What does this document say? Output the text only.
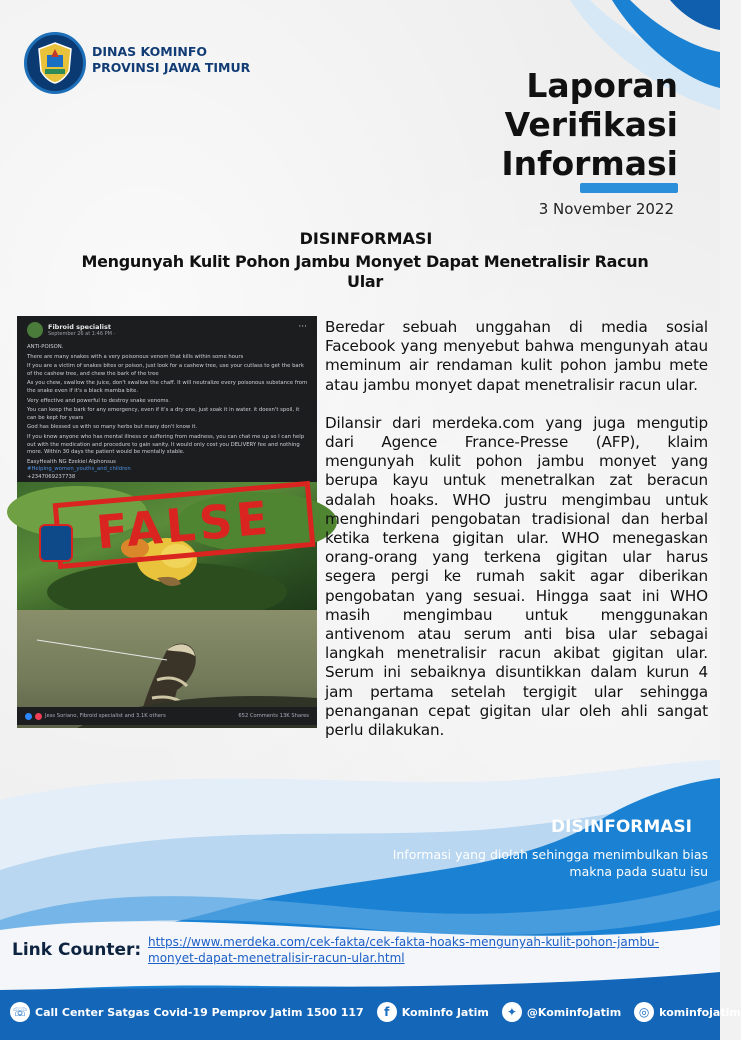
DINAS KOMINFO
PROVINSI JAWA TIMUR	Laporan
Verifikasi
Informasi
3 November 2022
DISINFORMASI
Mengunyah Kulit Pohon Jambu Monyet Dapat Menetralisir Racun
Ular
Fibroid specialist
September 26 at 1:46 PM ·
···

ANTI-POISON.

There are many snakes with a very poisonous venom that kills within some hours

If you are a victim of snakes bites or poison, just look for a cashew tree, use your cutlass to get the bark of the cashew tree, and chew the bark of the tree

As you chew, swallow the juice, don't swallow the chaff. It will neutralize every poisonous substance from the snake even if it's a black mamba bite.

Very effective and powerful to destroy snake venoms.

You can keep the bark for any emergency, even if it's a dry one, just soak it in water. it doesn't spoil, it can be kept for years

God has blessed us with so many herbs but many don't know it.

If you know anyone who has mental illness or suffering from madness, you can chat me up so I can help out with the medication and procedure to gain sanity. It would only cost you DELIVERY fee and nothing more. Within 30 days the patient would be mentally stable.

EasyHealth NG Ezekiel Alphonsus
#Helping_women_youths_and_children
+2347069237738
FALSE
Jess Soriano, Fibroid specialist and 3.1K others	652 Comments 13K Shares

Beredar sebuah unggahan di media sosial Facebook yang menyebut bahwa mengunyah atau meminum air rendaman kulit pohon jambu mete atau jambu monyet dapat menetralisir racun ular.

Dilansir dari merdeka.com yang juga mengutip dari Agence France-Presse (AFP), klaim mengunyah kulit pohon jambu monyet yang berupa kayu untuk menetralkan zat beracun adalah hoaks. WHO justru mengimbau untuk menghindari pengobatan tradisional dan herbal ketika terkena gigitan ular. WHO menegaskan orang-orang yang terkena gigitan ular harus segera pergi ke rumah sakit agar diberikan pengobatan yang sesuai. Hingga saat ini WHO masih mengimbau untuk menggunakan antivenom atau serum anti bisa ular sebagai langkah menetralisir racun akibat gigitan ular. Serum ini sebaiknya disuntikkan dalam kurun 4 jam pertama setelah tergigit ular sehingga penanganan cepat gigitan ular oleh ahli sangat perlu dilakukan.

DISINFORMASI
Informasi yang diolah sehingga menimbulkan bias makna pada suatu isu
Link Counter: https://www.merdeka.com/cek-fakta/cek-fakta-hoaks-mengunyah-kulit-pohon-jambu-monyet-dapat-menetralisir-racun-ular.html
☏ Call Center Satgas Covid-19 Pemprov Jatim 1500 117	f	Kominfo Jatim	✦ @KominfoJatim	◎ kominfojatim
